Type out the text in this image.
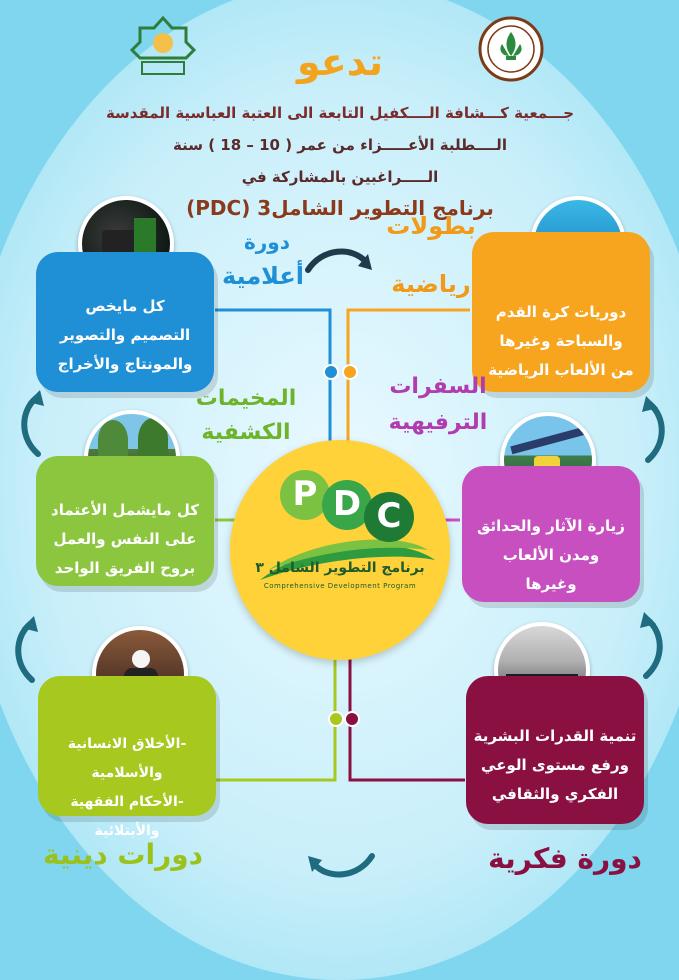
تدعو
جـــمعية كـــشافة الــــكفيل التابعة الى العتبة العباسية المقدسة
الــــطلبة الأعـــــزاء من عمر ( 10 – 18 ) سنة
الـــــراغبين بالمشاركة في
برنامج التطوير الشامل3 (PDC)
P D C
برنامج التطوير الشامل ٣
Comprehensive Development Program
كل مايخص
التصميم والتصوير
والمونتاج والأخراج
دورة
أعلامية
دوريات كرة القدم
والسباحة وغيرها
من الألعاب الرياضية
بطولات
رياضية
كل مايشمل الأعتماد
على النفس والعمل
بروح الفريق الواحد
المخيمات
الكشفية
زيارة الآثار والحدائق
ومدن الألعاب
وغيرها
السفرات
الترفيهية
-الأخلاق الانسانية والأسلامية
-الأحكام الفقهية والأبتلائية
دورات دينية
تنمية القدرات البشرية
ورفع مستوى الوعي
الفكري والثقافي
دورة فكرية
